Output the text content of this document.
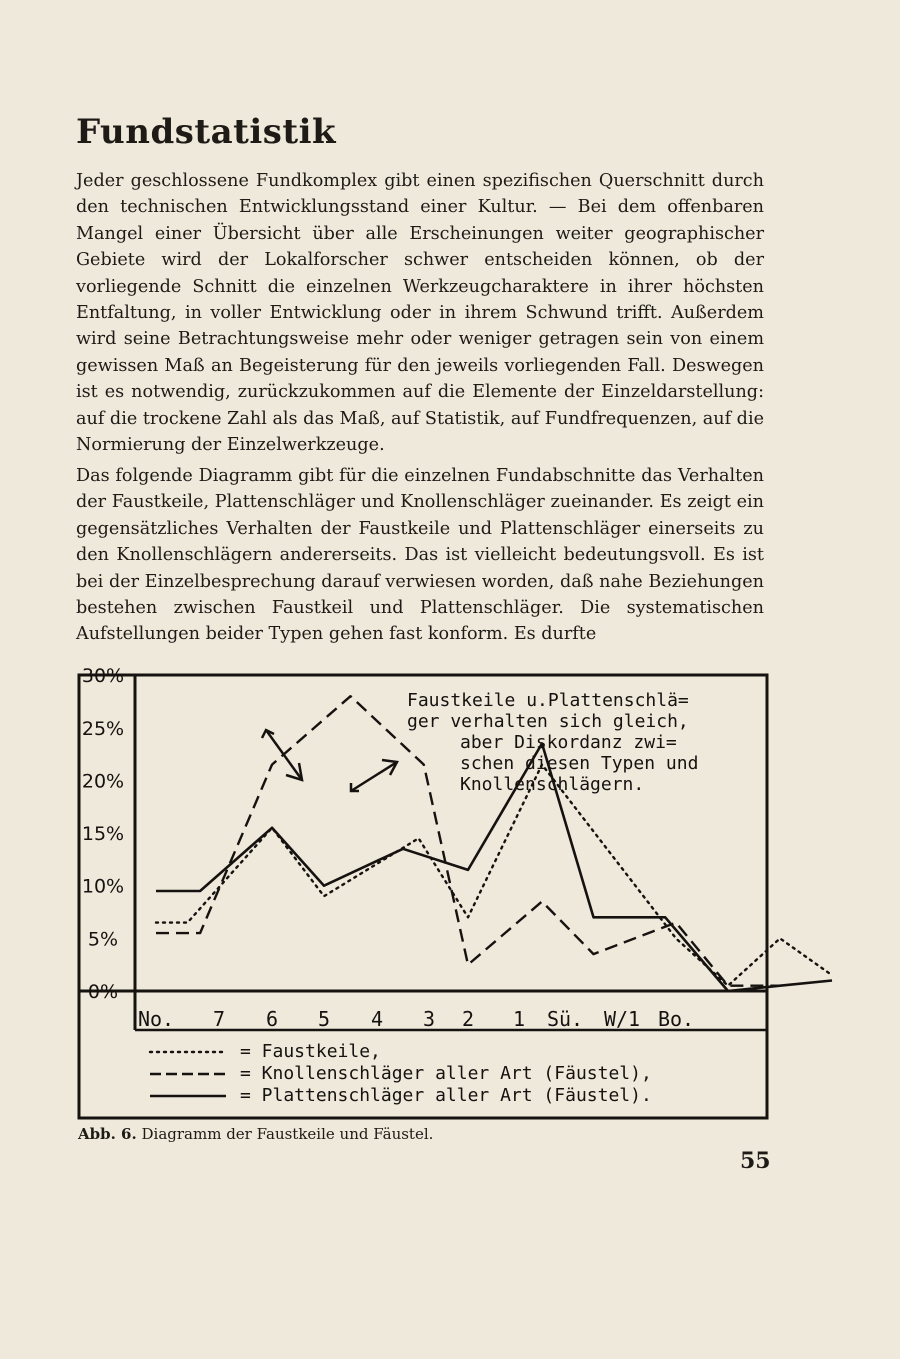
Fundstatistik

Jeder geschlossene Fundkomplex gibt einen spezifischen Querschnitt durch den technischen Entwicklungsstand einer Kultur. — Bei dem offenbaren Mangel einer Übersicht über alle Erscheinungen weiter geographischer Gebiete wird der Lokalforscher schwer entscheiden können, ob der vorliegende Schnitt die einzelnen Werkzeugcharaktere in ihrer höchsten Entfaltung, in voller Entwicklung oder in ihrem Schwund trifft. Außerdem wird seine Betrachtungsweise mehr oder weniger getragen sein von einem gewissen Maß an Begeisterung für den jeweils vorliegenden Fall. Deswegen ist es notwendig, zurückzukommen auf die Elemente der Einzeldarstellung: auf die trockene Zahl als das Maß, auf Statistik, auf Fundfrequenzen, auf die Normierung der Einzelwerkzeuge.

Das folgende Diagramm gibt für die einzelnen Fundabschnitte das Verhalten der Faustkeile, Plattenschläger und Knollenschläger zueinander. Es zeigt ein gegensätzliches Verhalten der Faustkeile und Plattenschläger einerseits zu den Knollenschlägern andererseits. Das ist vielleicht bedeutungsvoll. Es ist bei der Einzelbesprechung darauf verwiesen worden, daß nahe Beziehungen bestehen zwischen Faustkeil und Plattenschläger. Die systematischen Aufstellungen beider Typen gehen fast konform. Es durfte

30%
25%
20%
15%
10%
5%
0%
No. 7 6 5 4 3 2 1 Sü. W/1 Bo.
Faustkeile u.Plattenschlä=
ger verhalten sich gleich,
aber Diskordanz zwi=
schen diesen Typen und
Knollenschlägern.
= Faustkeile,
= Knollenschläger aller Art (Fäustel),
= Plattenschläger aller Art (Fäustel).
Abb. 6. Diagramm der Faustkeile und Fäustel.
55
